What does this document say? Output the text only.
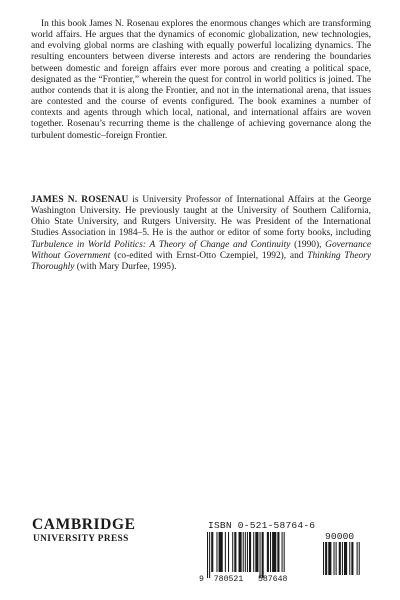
In this book James N. Rosenau explores the enormous changes which are transforming world affairs. He argues that the dynamics of economic globalization, new technologies, and evolving global norms are clashing with equally powerful localizing dynamics. The resulting encounters between diverse interests and actors are rendering the boundaries between domestic and foreign affairs ever more porous and creating a political space, designated as the “Frontier,” wherein the quest for control in world politics is joined. The author contends that it is along the Frontier, and not in the international arena, that issues are contested and the course of events configured. The book examines a number of contexts and agents through which local, national, and international affairs are woven together. Rosenau’s recurring theme is the challenge of achieving governance along the turbulent domestic–foreign Frontier.

JAMES N. ROSENAU is University Professor of International Affairs at the George Washington University. He previously taught at the University of Southern California, Ohio State University, and Rutgers University. He was President of the International Studies Association in 1984–5. He is the author or editor of some forty books, including Turbulence in World Politics: A Theory of Change and Continuity (1990), Governance Without Government (co-edited with Ernst-Otto Czempiel, 1992), and Thinking Theory Thoroughly (with Mary Durfee, 1995).

CAMBRIDGE
UNIVERSITY PRESS
ISBN 0-521-58764-6
90000
9 780521 587648
